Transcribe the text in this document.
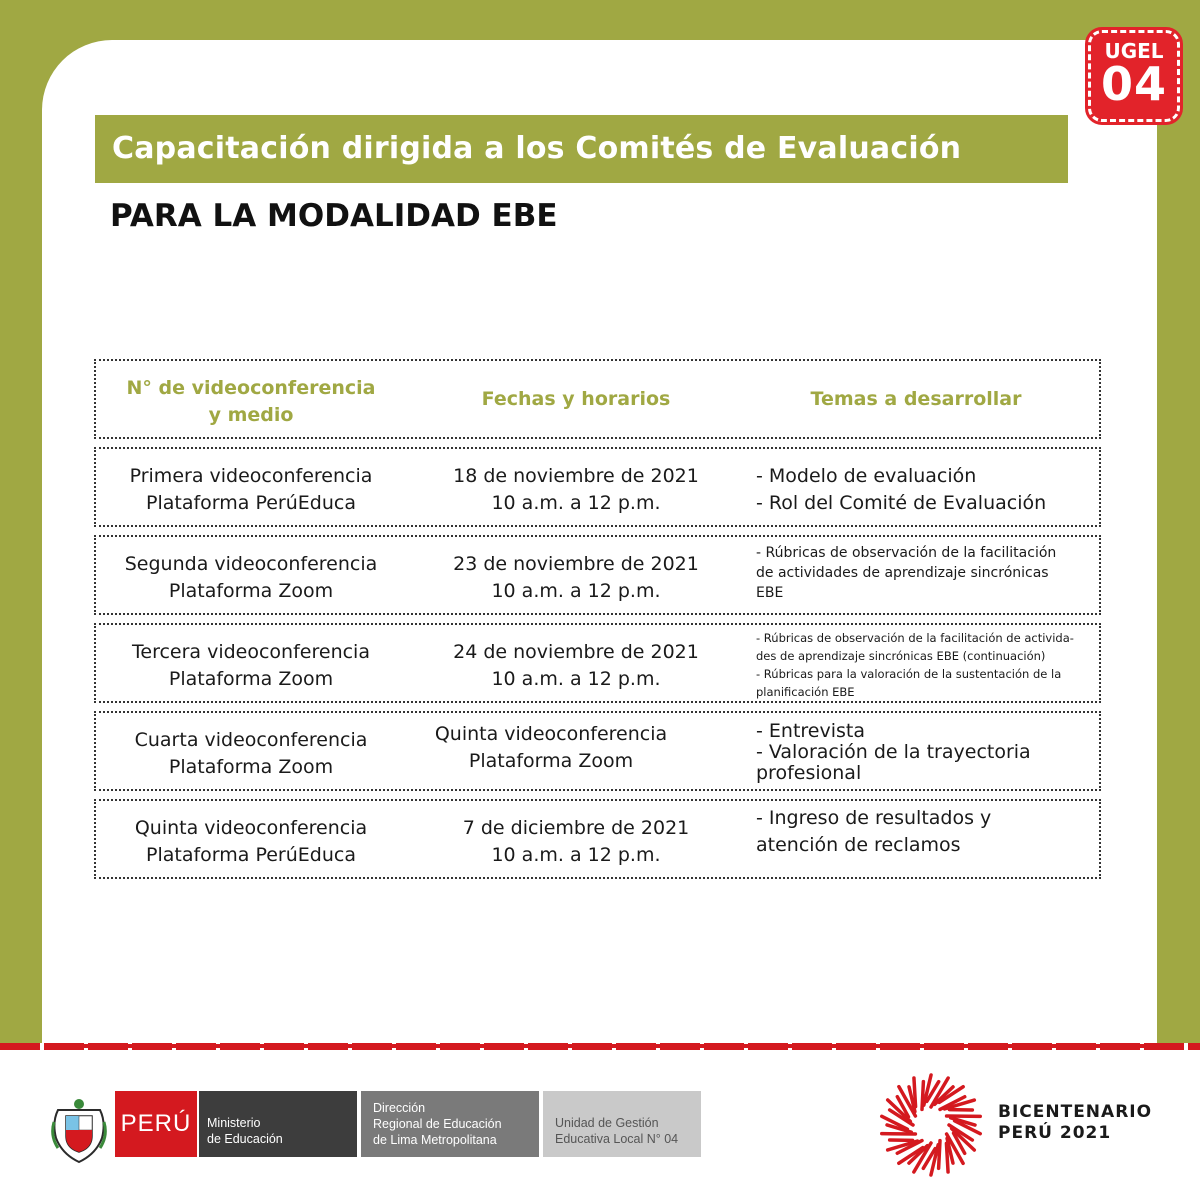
UGEL
04
Capacitación dirigida a los Comités de Evaluación
PARA LA MODALIDAD EBE
N° de videoconferencia
y medio
Fechas y horarios	Temas a desarrollar
Primera videoconferencia
Plataforma PerúEduca
18 de noviembre de 2021
10 a.m. a 12 p.m.
- Modelo de evaluación
- Rol del Comité de Evaluación
Segunda videoconferencia
Plataforma Zoom
23 de noviembre de 2021
10 a.m. a 12 p.m.
- Rúbricas de observación de la facilitación
de actividades de aprendizaje sincrónicas
EBE
Tercera videoconferencia
Plataforma Zoom
24 de noviembre de 2021
10 a.m. a 12 p.m.
- Rúbricas de observación de la facilitación de activida-
des de aprendizaje sincrónicas EBE (continuación)
- Rúbricas para la valoración de la sustentación de la
planificación EBE
Cuarta videoconferencia
Plataforma Zoom
Quinta videoconferencia
Plataforma Zoom
- Entrevista
- Valoración de la trayectoria
profesional
Quinta videoconferencia
Plataforma PerúEduca
7 de diciembre de 2021
10 a.m. a 12 p.m.
- Ingreso de resultados y
atención de reclamos
PERÚ	Ministerio
de Educación
Dirección
Regional de Educación
de Lima Metropolitana
Unidad de Gestión
Educativa Local N° 04
BICENTENARIO
PERÚ 2021
